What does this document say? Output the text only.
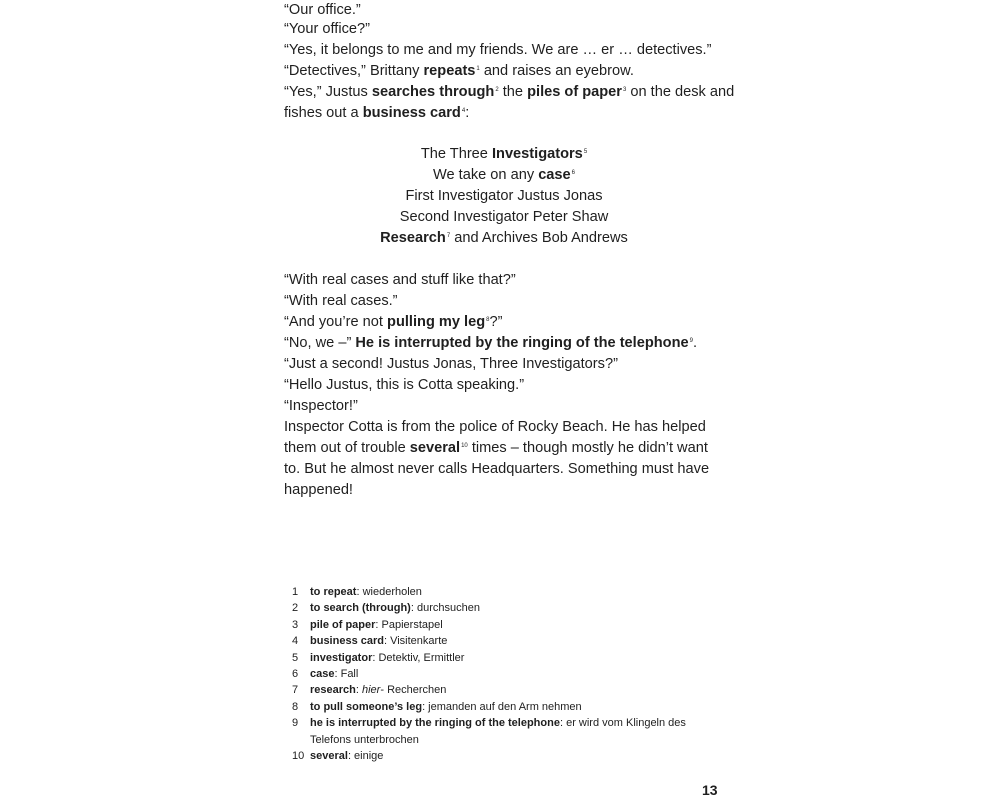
“Our office.”
“Your office?”
“Yes, it belongs to me and my friends. We are … er … detectives.”
“Detectives,” Brittany repeats$^1$ and raises an eyebrow.
“Yes,” Justus searches through$^2$ the piles of paper$^3$ on the desk and
fishes out a business card$^4$:
The Three Investigators$^5$
We take on any case$^6$
First Investigator Justus Jonas
Second Investigator Peter Shaw
Research$^7$ and Archives Bob Andrews
“With real cases and stuff like that?”
“With real cases.”
“And you’re not pulling my leg$^8$?”
“No, we –” He is interrupted by the ringing of the telephone$^9$.
“Just a second! Justus Jonas, Three Investigators?”
“Hello Justus, this is Cotta speaking.”
“Inspector!”
Inspector Cotta is from the police of Rocky Beach. He has helped
them out of trouble several$^{10}$ times – though mostly he didn’t want
to. But he almost never calls Headquarters. Something must have
happened!
1	to repeat: wiederholen
2	to search (through): durchsuchen
3	pile of paper: Papierstapel
4	business card: Visitenkarte
5	investigator: Detektiv, Ermittler
6	case: Fall
7	research: hier- Recherchen
8	to pull someone’s leg: jemanden auf den Arm nehmen
9	he is interrupted by the ringing of the telephone: er wird vom Klingeln des
Telefons unterbrochen
10 several: einige
13
